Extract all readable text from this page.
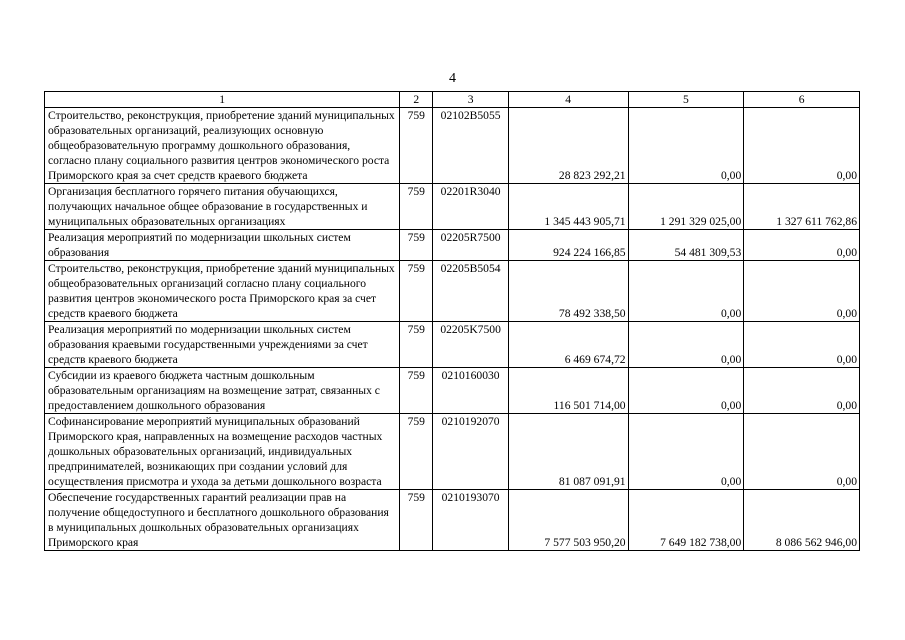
4
1	2	3	4	5	6
Строительство, реконструкция, приобретение зданий муниципальных образовательных организаций, реализующих основную общеобразовательную программу дошкольного образования, согласно плану социального развития центров экономического роста Приморского края за счет средств краевого бюджета	759	02102В5055	28 823 292,21	0,00	0,00
Организация бесплатного горячего питания обучающихся, получающих начальное общее образование в государственных и муниципальных образовательных организациях	759	02201R3040	1 345 443 905,71	1 291 329 025,00	1 327 611 762,86
Реализация мероприятий по модернизации школьных систем образования	759	02205R7500	924 224 166,85	54 481 309,53	0,00
Строительство, реконструкция, приобретение зданий муниципальных общеобразовательных организаций согласно плану социального развития центров экономического роста Приморского края за счет средств краевого бюджета	759	02205В5054	78 492 338,50	0,00	0,00
Реализация мероприятий по модернизации школьных систем образования краевыми государственными учреждениями за счет средств краевого бюджета	759	02205K7500	6 469 674,72	0,00	0,00
Субсидии из краевого бюджета частным дошкольным образовательным организациям на возмещение затрат, связанных с предоставлением дошкольного образования	759	0210160030	116 501 714,00	0,00	0,00
Софинансирование мероприятий муниципальных образований Приморского края, направленных на возмещение расходов частных дошкольных образовательных организаций, индивидуальных предпринимателей, возникающих при создании условий для осуществления присмотра и ухода за детьми дошкольного возраста	759	0210192070	81 087 091,91	0,00	0,00
Обеспечение государственных гарантий реализации прав на получение общедоступного и бесплатного дошкольного образования в муниципальных дошкольных образовательных организациях Приморского края	759	0210193070	7 577 503 950,20	7 649 182 738,00	8 086 562 946,00
